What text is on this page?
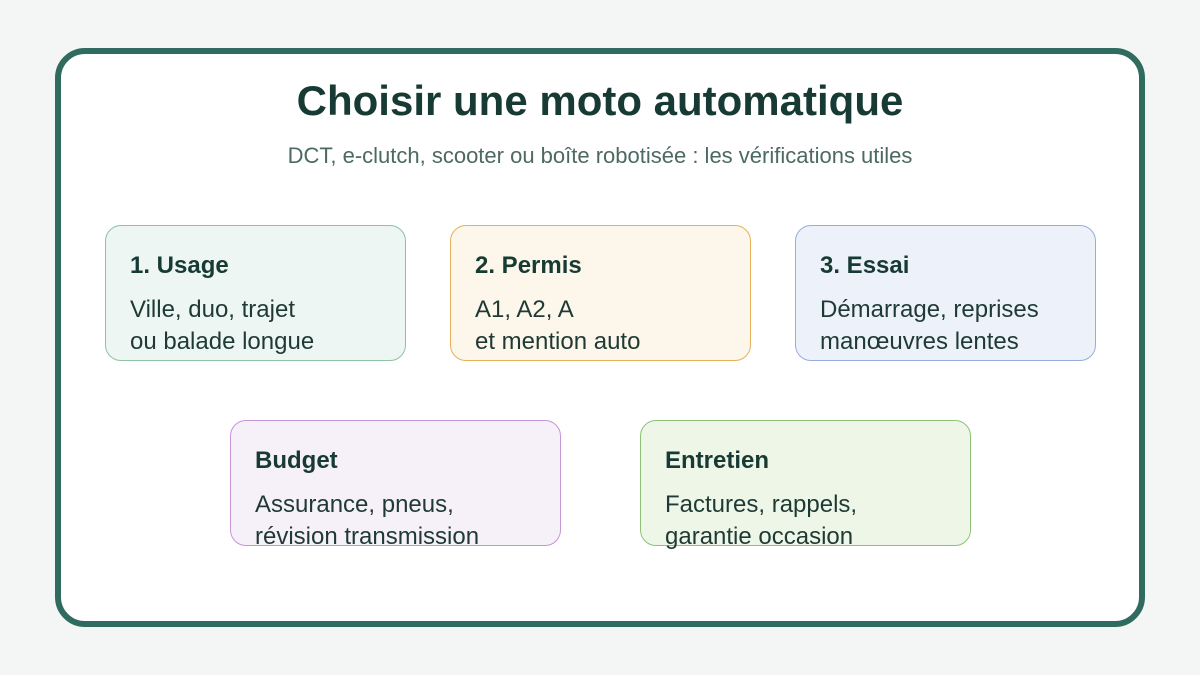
Choisir une moto automatique

DCT, e-clutch, scooter ou boîte robotisée : les vérifications utiles

1. Usage
Ville, duo, trajet
ou balade longue
2. Permis
A1, A2, A
et mention auto
3. Essai
Démarrage, reprises
manœuvres lentes
Budget
Assurance, pneus,
révision transmission
Entretien
Factures, rappels,
garantie occasion
